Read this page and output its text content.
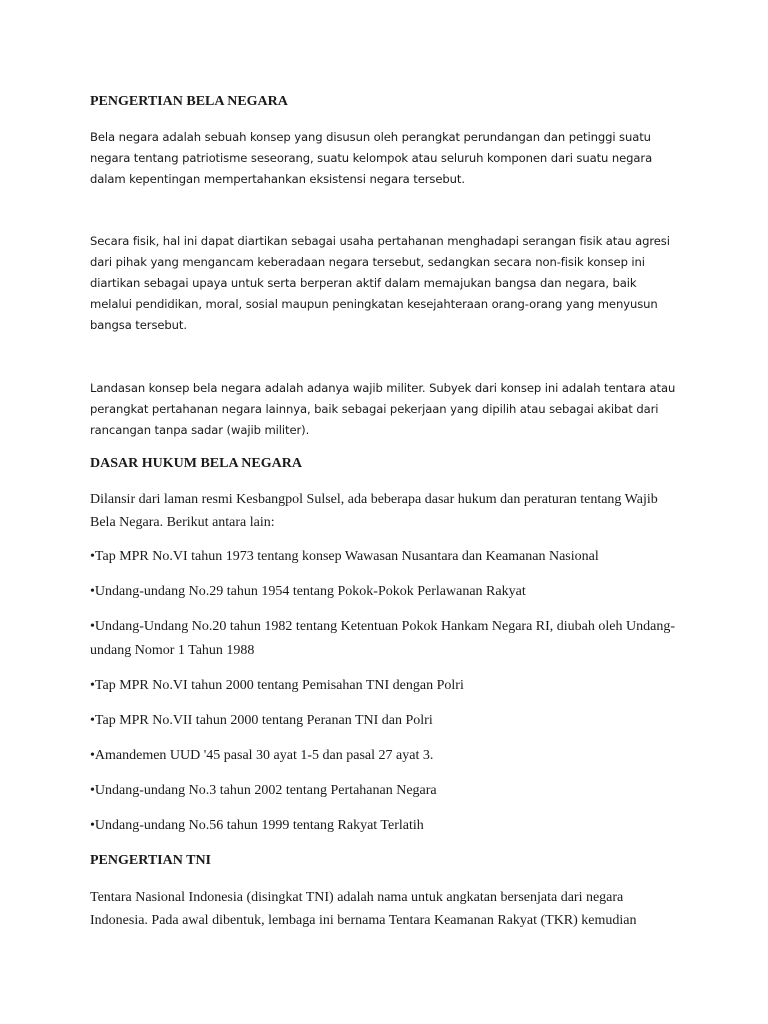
PENGERTIAN BELA NEGARA

Bela negara adalah sebuah konsep yang disusun oleh perangkat perundangan dan petinggi suatu negara tentang patriotisme seseorang, suatu kelompok atau seluruh komponen dari suatu negara dalam kepentingan mempertahankan eksistensi negara tersebut.

Secara fisik, hal ini dapat diartikan sebagai usaha pertahanan menghadapi serangan fisik atau agresi dari pihak yang mengancam keberadaan negara tersebut, sedangkan secara non-fisik konsep ini diartikan sebagai upaya untuk serta berperan aktif dalam memajukan bangsa dan negara, baik melalui pendidikan, moral, sosial maupun peningkatan kesejahteraan orang-orang yang menyusun bangsa tersebut.

Landasan konsep bela negara adalah adanya wajib militer. Subyek dari konsep ini adalah tentara atau perangkat pertahanan negara lainnya, baik sebagai pekerjaan yang dipilih atau sebagai akibat dari rancangan tanpa sadar (wajib militer).

DASAR HUKUM BELA NEGARA

Dilansir dari laman resmi Kesbangpol Sulsel, ada beberapa dasar hukum dan peraturan tentang Wajib Bela Negara. Berikut antara lain:

•Tap MPR No.VI tahun 1973 tentang konsep Wawasan Nusantara dan Keamanan Nasional

•Undang-undang No.29 tahun 1954 tentang Pokok-Pokok Perlawanan Rakyat

•Undang-Undang No.20 tahun 1982 tentang Ketentuan Pokok Hankam Negara RI, diubah oleh Undang-undang Nomor 1 Tahun 1988

•Tap MPR No.VI tahun 2000 tentang Pemisahan TNI dengan Polri

•Tap MPR No.VII tahun 2000 tentang Peranan TNI dan Polri

•Amandemen UUD '45 pasal 30 ayat 1-5 dan pasal 27 ayat 3.

•Undang-undang No.3 tahun 2002 tentang Pertahanan Negara

•Undang-undang No.56 tahun 1999 tentang Rakyat Terlatih

PENGERTIAN TNI

Tentara Nasional Indonesia (disingkat TNI) adalah nama untuk angkatan bersenjata dari negara Indonesia. Pada awal dibentuk, lembaga ini bernama Tentara Keamanan Rakyat (TKR) kemudian
